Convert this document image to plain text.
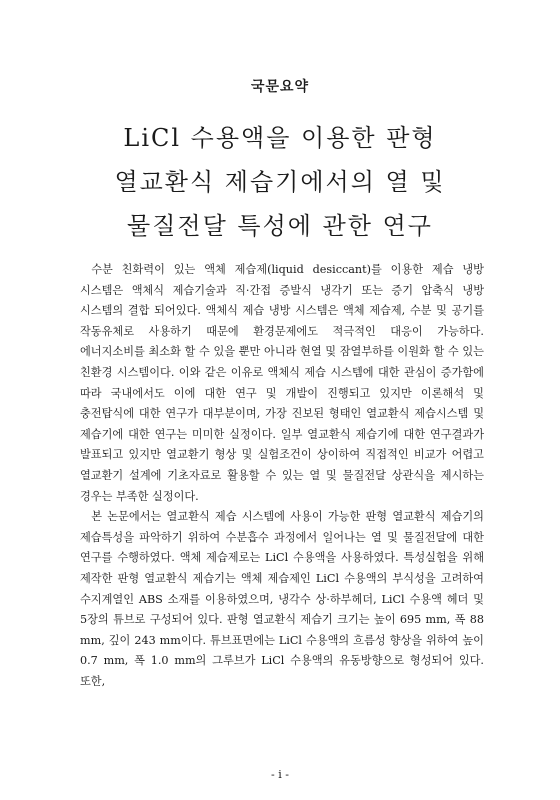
국문요약
LiCl 수용액을 이용한 판형
열교환식 제습기에서의 열 및
물질전달 특성에 관한 연구

수분 친화력이 있는 액체 제습제(liquid desiccant)를 이용한 제습 냉방 시스템은 액체식 제습기술과 직·간접 증발식 냉각기 또는 증기 압축식 냉방 시스템의 결합 되어있다. 액체식 제습 냉방 시스템은 액체 제습제, 수분 및 공기를 작동유체로 사용하기 때문에 환경문제에도 적극적인 대응이 가능하다. 에너지소비를 최소화 할 수 있을 뿐만 아니라 현열 및 잠열부하를 이원화 할 수 있는 친환경 시스템이다. 이와 같은 이유로 액체식 제습 시스템에 대한 관심이 증가함에 따라 국내에서도 이에 대한 연구 및 개발이 진행되고 있지만 이론해석 및 충전탑식에 대한 연구가 대부분이며, 가장 진보된 형태인 열교환식 제습시스템 및 제습기에 대한 연구는 미미한 실정이다. 일부 열교환식 제습기에 대한 연구결과가 발표되고 있지만 열교환기 형상 및 실험조건이 상이하여 직접적인 비교가 어렵고 열교환기 설계에 기초자료로 활용할 수 있는 열 및 물질전달 상관식을 제시하는 경우는 부족한 실정이다.

본 논문에서는 열교환식 제습 시스템에 사용이 가능한 판형 열교환식 제습기의 제습특성을 파악하기 위하여 수분흡수 과정에서 일어나는 열 및 물질전달에 대한 연구를 수행하였다. 액체 제습제로는 LiCl 수용액을 사용하였다. 특성실험을 위해 제작한 판형 열교환식 제습기는 액체 제습제인 LiCl 수용액의 부식성을 고려하여 수지계열인 ABS 소재를 이용하였으며, 냉각수 상·하부헤더, LiCl 수용액 헤더 및 5장의 튜브로 구성되어 있다. 판형 열교환식 제습기 크기는 높이 695 mm, 폭 88 mm, 깊이 243 mm이다. 튜브표면에는 LiCl 수용액의 흐름성 향상을 위하여 높이 0.7 mm, 폭 1.0 mm의 그루브가 LiCl 수용액의 유동방향으로 형성되어 있다. 또한,

- i -
